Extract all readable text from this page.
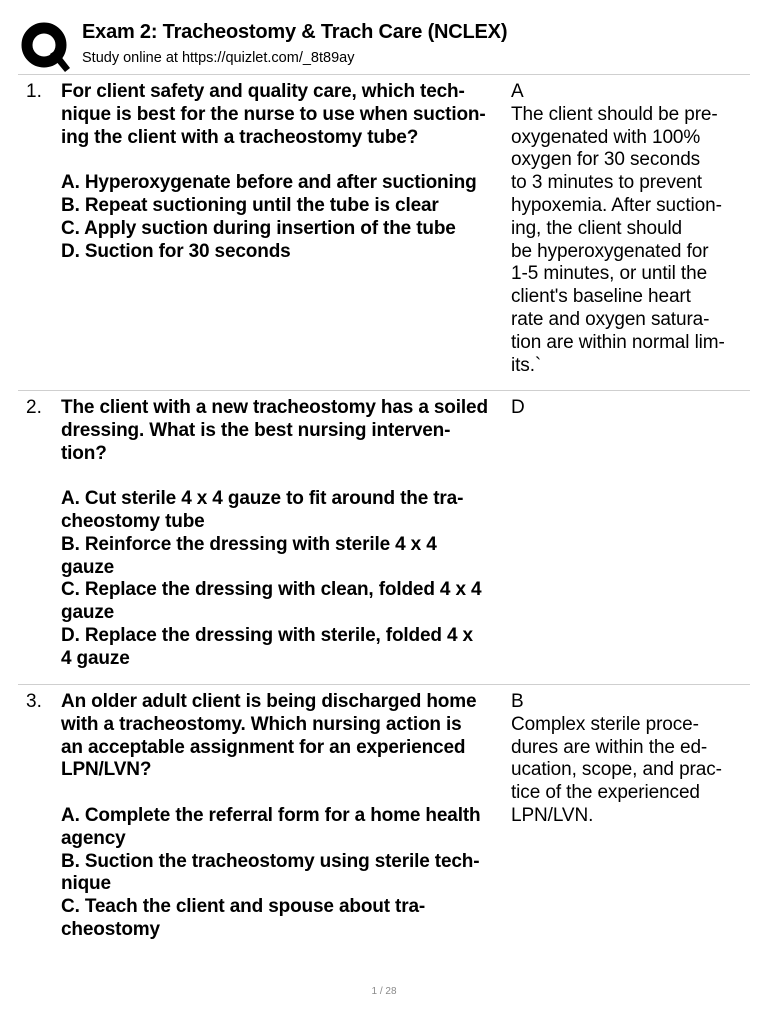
Exam 2: Tracheostomy & Trach Care (NCLEX)
Study online at https://quizlet.com/_8t89ay
1. For client safety and quality care, which tech-
nique is best for the nurse to use when suction-
ing the client with a tracheostomy tube?
A. Hyperoxygenate before and after suctioning
B. Repeat suctioning until the tube is clear
C. Apply suction during insertion of the tube
D. Suction for 30 seconds
A
The client should be pre-
oxygenated with 100%
oxygen for 30 seconds
to 3 minutes to prevent
hypoxemia. After suction-
ing, the client should
be hyperoxygenated for
1-5 minutes, or until the
client's baseline heart
rate and oxygen satura-
tion are within normal lim-
its.`
2. The client with a new tracheostomy has a soiled
dressing. What is the best nursing interven-
tion?
A. Cut sterile 4 x 4 gauze to fit around the tra-
cheostomy tube
B. Reinforce the dressing with sterile 4 x 4
gauze
C. Replace the dressing with clean, folded 4 x 4
gauze
D. Replace the dressing with sterile, folded 4 x
4 gauze
D
3. An older adult client is being discharged home
with a tracheostomy. Which nursing action is
an acceptable assignment for an experienced
LPN/LVN?
A. Complete the referral form for a home health
agency
B. Suction the tracheostomy using sterile tech-
nique
C. Teach the client and spouse about tra-
cheostomy
B
Complex sterile proce-
dures are within the ed-
ucation, scope, and prac-
tice of the experienced
LPN/LVN.
1 / 28
